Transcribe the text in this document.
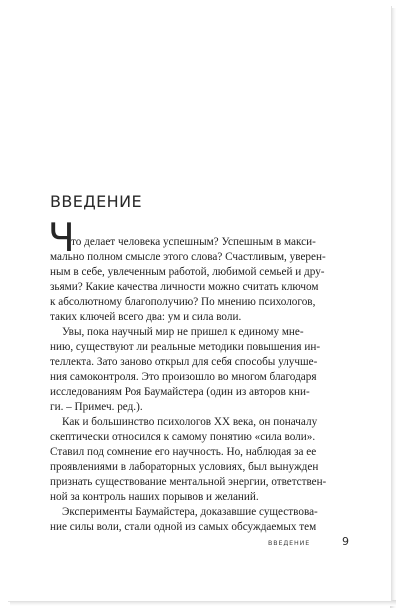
ВВЕДЕНИЕ
Ч
то делает человека успешным? Успешным в макси-
мально полном смысле этого слова? Счастливым, уверен-
ным в себе, увлеченным работой, любимой семьей и дру-
зьями? Какие качества личности можно считать ключом
к абсолютному благополучию? По мнению психологов,
таких ключей всего два: ум и сила воли.
Увы, пока научный мир не пришел к единому мне-
нию, существуют ли реальные методики повышения ин-
теллекта. Зато заново открыл для себя способы улучше-
ния самоконтроля. Это произошло во многом благодаря
исследованиям Роя Баумайстера (один из авторов кни-
ги. – Примеч. ред.).
Как и большинство психологов XX века, он поначалу
скептически относился к самому понятию «сила воли».
Ставил под сомнение его научность. Но, наблюдая за ее
проявлениями в лабораторных условиях, был вынужден
признать существование ментальной энергии, ответствен-
ной за контроль наших порывов и желаний.
Эксперименты Баумайстера, доказавшие существова-
ние силы воли, стали одной из самых обсуждаемых тем
ВВЕДЕНИЕ	9
